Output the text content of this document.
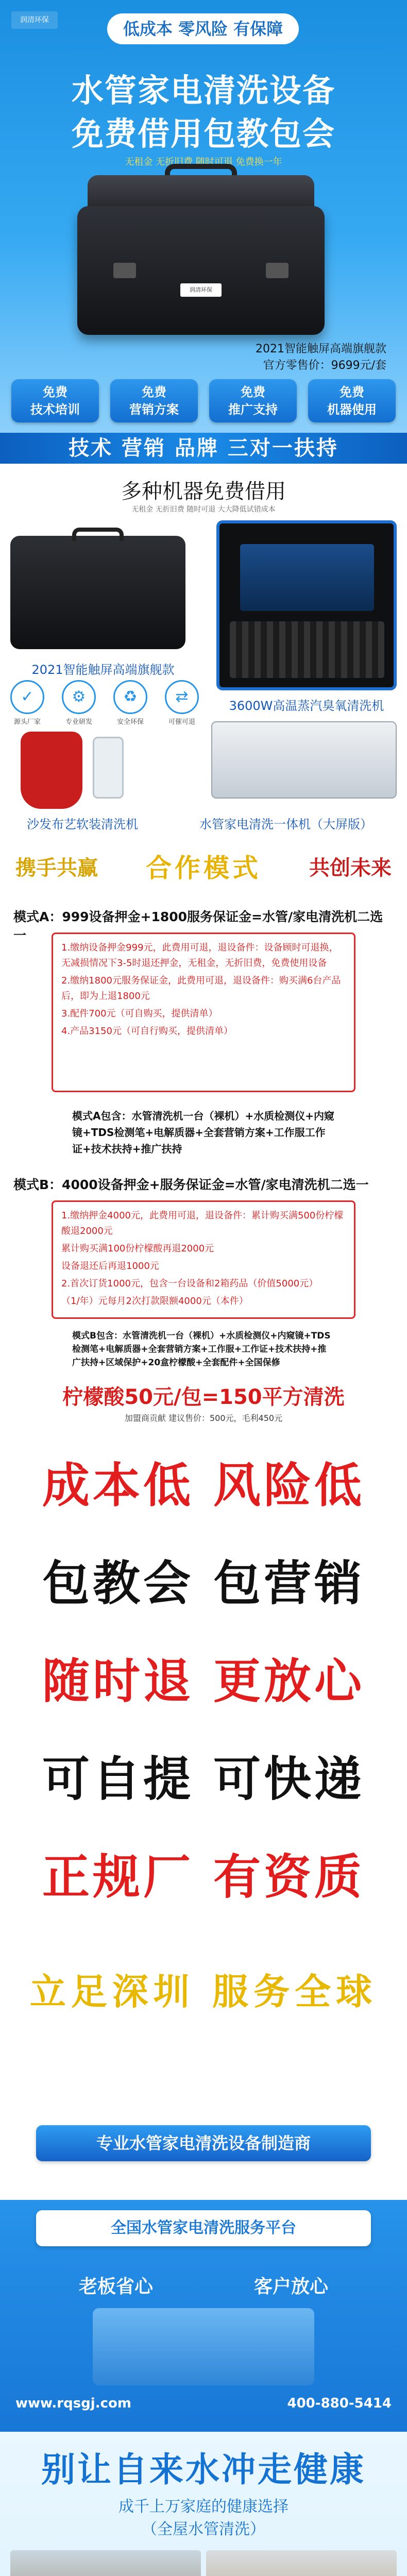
润清环保	低成本 零风险 有保障
水管家电清洗设备
免费借用包教包会
无租金 无折旧费 随时可退 免费换一年
润清环保
2021智能触屏高端旗舰款
官方零售价：9699元/套
免费
技术培训
免费
营销方案
免费
推广支持
免费
机器使用
技术 营销 品牌 三对一扶持
多种机器免费借用
无租金 无折旧费 随时可退 大大降低试错成本
2021智能触屏高端旗舰款
3600W高温蒸汽臭氧清洗机
✓
源头厂家
⚙
专业研发
♻
安全环保
⇄
可催可退
沙发布艺软装清洗机	水管家电清洗一体机（大屏版）
携手共赢	合作模式	共创未来
模式A：999设备押金+1800服务保证金=水管/家电清洗机二选一

1.缴纳设备押金999元，此费用可退，退设备件：设备顾时可退换，无减损情况下3-5时退还押金，无租金，无折旧费，免费使用设备

2.缴纳1800元服务保证金，此费用可退，退设备件：购买满6台产品后，即为上退1800元

3.配件700元（可自购买，提供清单）

4.产品3150元（可自行购买，提供清单）

模式A包含：水管清洗机一台（裸机）+水质检测仪+内窥镜+TDS检测笔+电解质器+全套营销方案+工作服工作证+技术扶持+推广扶持
模式B：4000设备押金+服务保证金=水管/家电清洗机二选一

1.缴纳押金4000元，此费用可退，退设备件：累计购买满500份柠檬酸退2000元

累计购买满100份柠檬酸再退2000元

设备退还后再退1000元

2.首次订货1000元，包含一台设备和2箱药品（价值5000元）

（1/年）元每月2次打款限额4000元（本件）

模式B包含：水管清洗机一台（裸机）+水质检测仪+内窥镜+TDS检测笔+电解质器+全套营销方案+工作服+工作证+技术扶持+推广扶持+区域保护+20盒柠檬酸+全套配件+全国保修
柠檬酸50元/包=150平方清洗
加盟商贡献 建议售价：500元，毛利450元
成本低 风险低
包教会 包营销
随时退 更放心
可自提 可快递
正规厂 有资质
立足深圳 服务全球
专业水管家电清洗设备制造商
全国水管家电清洗服务平台
老板省心	客户放心
www.rqsgj.com	400-880-5414
别让自来水冲走健康
成千上万家庭的健康选择
（全屋水管清洗）
